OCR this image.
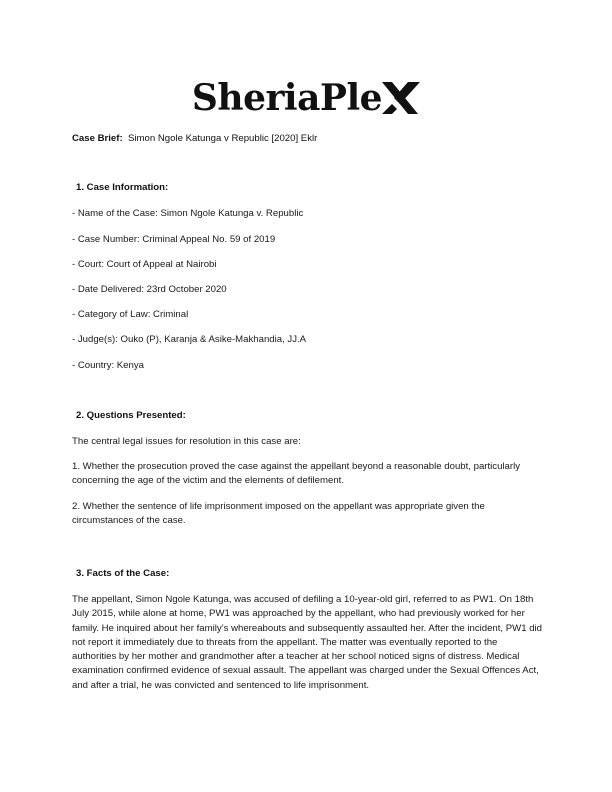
SheriaPle
Case Brief: Simon Ngole Katunga v Republic [2020] Eklr
1. Case Information:
- Name of the Case: Simon Ngole Katunga v. Republic
- Case Number: Criminal Appeal No. 59 of 2019
- Court: Court of Appeal at Nairobi
- Date Delivered: 23rd October 2020
- Category of Law: Criminal
- Judge(s): Ouko (P), Karanja & Asike-Makhandia, JJ.A
- Country: Kenya
2. Questions Presented:
The central legal issues for resolution in this case are:
1. Whether the prosecution proved the case against the appellant beyond a reasonable doubt, particularly concerning the age of the victim and the elements of defilement.
2. Whether the sentence of life imprisonment imposed on the appellant was appropriate given the circumstances of the case.
3. Facts of the Case:
The appellant, Simon Ngole Katunga, was accused of defiling a 10-year-old girl, referred to as PW1. On 18th July 2015, while alone at home, PW1 was approached by the appellant, who had previously worked for her family. He inquired about her family’s whereabouts and subsequently assaulted her. After the incident, PW1 did not report it immediately due to threats from the appellant. The matter was eventually reported to the authorities by her mother and grandmother after a teacher at her school noticed signs of distress. Medical examination confirmed evidence of sexual assault. The appellant was charged under the Sexual Offences Act, and after a trial, he was convicted and sentenced to life imprisonment.
